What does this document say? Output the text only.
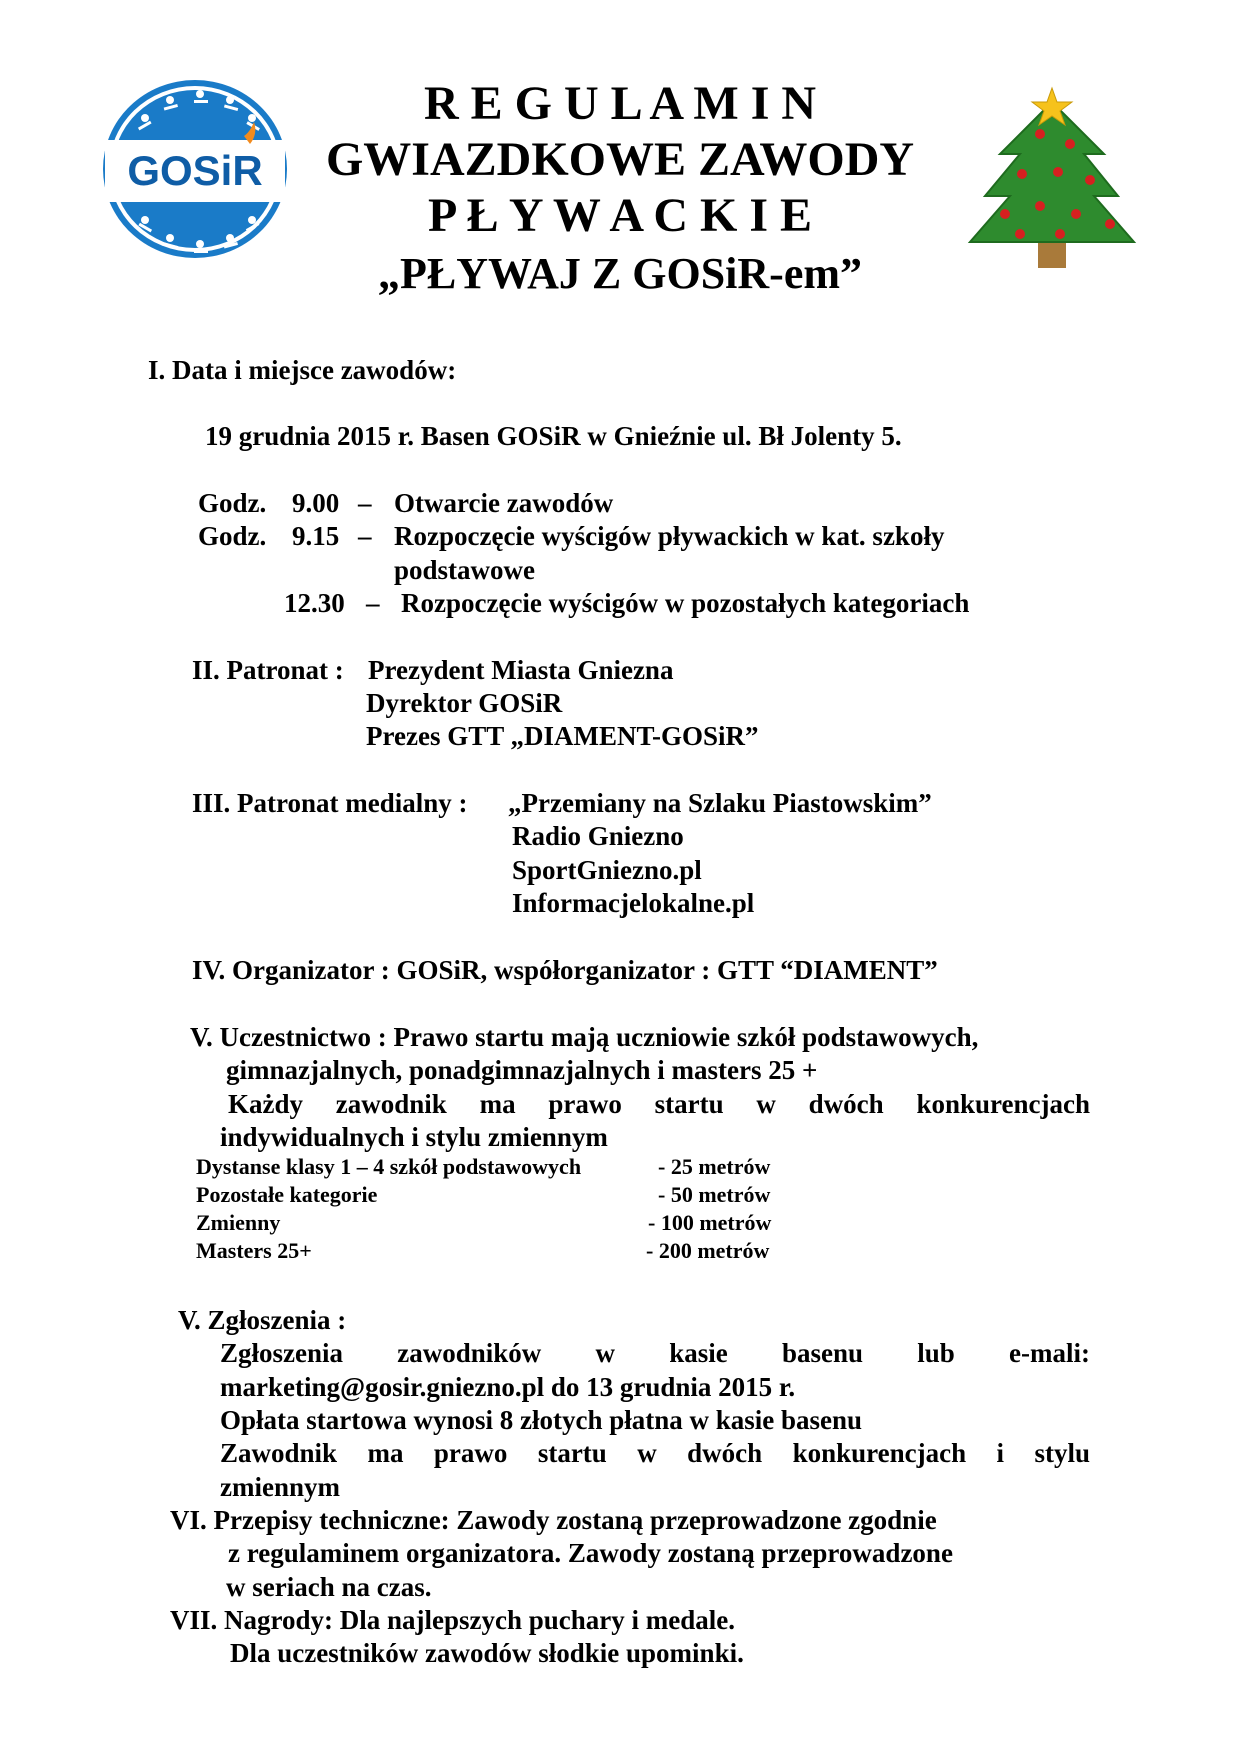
GOSiR
R E G U L A M I N
GWIAZDKOWE ZAWODY
P Ł Y W A C K I E
„PŁYWAJ Z GOSiR-em”
I. Data i miejsce zawodów:
19 grudnia 2015 r. Basen GOSiR w Gnieźnie ul. Bł Jolenty 5.
Godz. 9.00 – Otwarcie zawodów
Godz. 9.15 – Rozpoczęcie wyścigów pływackich w kat. szkoły
podstawowe
12.30 – Rozpoczęcie wyścigów w pozostałych kategoriach
II. Patronat : Prezydent Miasta Gniezna
Dyrektor GOSiR
Prezes GTT „DIAMENT-GOSiR”
III. Patronat medialny : „Przemiany na Szlaku Piastowskim”
Radio Gniezno
SportGniezno.pl
Informacjelokalne.pl
IV. Organizator : GOSiR, współorganizator : GTT “DIAMENT”
V. Uczestnictwo : Prawo startu mają uczniowie szkół podstawowych,
gimnazjalnych, ponadgimnazjalnych i masters 25 +
Każdy zawodnik ma prawo startu w dwóch konkurencjach
indywidualnych i stylu zmiennym
Dystanse klasy 1 – 4 szkół podstawowych	- 25 metrów
Pozostałe kategorie	- 50 metrów
Zmienny	- 100 metrów
Masters 25+	- 200 metrów
V. Zgłoszenia :
Zgłoszenia zawodników w kasie basenu lub e-mali:
marketing@gosir.gniezno.pl do 13 grudnia 2015 r.
Opłata startowa wynosi 8 złotych płatna w kasie basenu
Zawodnik ma prawo startu w dwóch konkurencjach i stylu
zmiennym
VI. Przepisy techniczne: Zawody zostaną przeprowadzone zgodnie
z regulaminem organizatora. Zawody zostaną przeprowadzone
w seriach na czas.
VII. Nagrody: Dla najlepszych puchary i medale.
Dla uczestników zawodów słodkie upominki.
